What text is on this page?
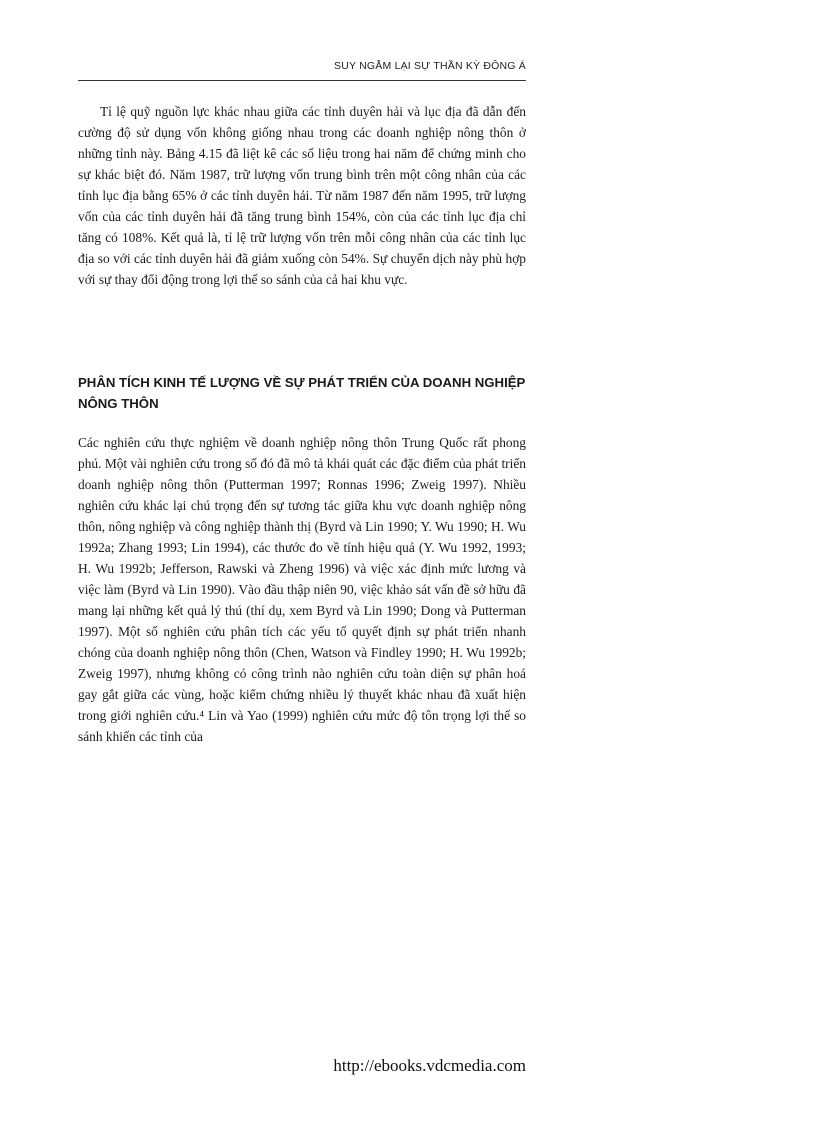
SUY NGẪM LẠI SỰ THẦN KỲ ĐÔNG Á

Tỉ lệ quỹ nguồn lực khác nhau giữa các tỉnh duyên hải và lục địa đã dẫn đến cường độ sử dụng vốn không giống nhau trong các doanh nghiệp nông thôn ở những tỉnh này. Bảng 4.15 đã liệt kê các số liệu trong hai năm để chứng minh cho sự khác biệt đó. Năm 1987, trữ lượng vốn trung bình trên một công nhân của các tỉnh lục địa bằng 65% ở các tỉnh duyên hải. Từ năm 1987 đến năm 1995, trữ lượng vốn của các tỉnh duyên hải đã tăng trung bình 154%, còn của các tỉnh lục địa chỉ tăng có 108%. Kết quả là, tỉ lệ trữ lượng vốn trên mỗi công nhân của các tỉnh lục địa so với các tỉnh duyên hải đã giảm xuống còn 54%. Sự chuyển dịch này phù hợp với sự thay đổi động trong lợi thế so sánh của cả hai khu vực.

PHÂN TÍCH KINH TẾ LƯỢNG VỀ SỰ PHÁT TRIỂN CỦA DOANH NGHIỆP NÔNG THÔN

Các nghiên cứu thực nghiệm về doanh nghiệp nông thôn Trung Quốc rất phong phú. Một vài nghiên cứu trong số đó đã mô tả khái quát các đặc điểm của phát triển doanh nghiệp nông thôn (Putterman 1997; Ronnas 1996; Zweig 1997). Nhiều nghiên cứu khác lại chú trọng đến sự tương tác giữa khu vực doanh nghiệp nông thôn, nông nghiệp và công nghiệp thành thị (Byrd và Lin 1990; Y. Wu 1990; H. Wu 1992a; Zhang 1993; Lin 1994), các thước đo về tính hiệu quả (Y. Wu 1992, 1993; H. Wu 1992b; Jefferson, Rawski và Zheng 1996) và việc xác định mức lương và việc làm (Byrd và Lin 1990). Vào đầu thập niên 90, việc khảo sát vấn đề sở hữu đã mang lại những kết quả lý thú (thí dụ, xem Byrd và Lin 1990; Dong và Putterman 1997). Một số nghiên cứu phân tích các yếu tố quyết định sự phát triển nhanh chóng của doanh nghiệp nông thôn (Chen, Watson và Findley 1990; H. Wu 1992b; Zweig 1997), nhưng không có công trình nào nghiên cứu toàn diện sự phân hoá gay gắt giữa các vùng, hoặc kiểm chứng nhiều lý thuyết khác nhau đã xuất hiện trong giới nghiên cứu.⁴ Lin và Yao (1999) nghiên cứu mức độ tôn trọng lợi thế so sánh khiến các tỉnh của

http://ebooks.vdcmedia.com
